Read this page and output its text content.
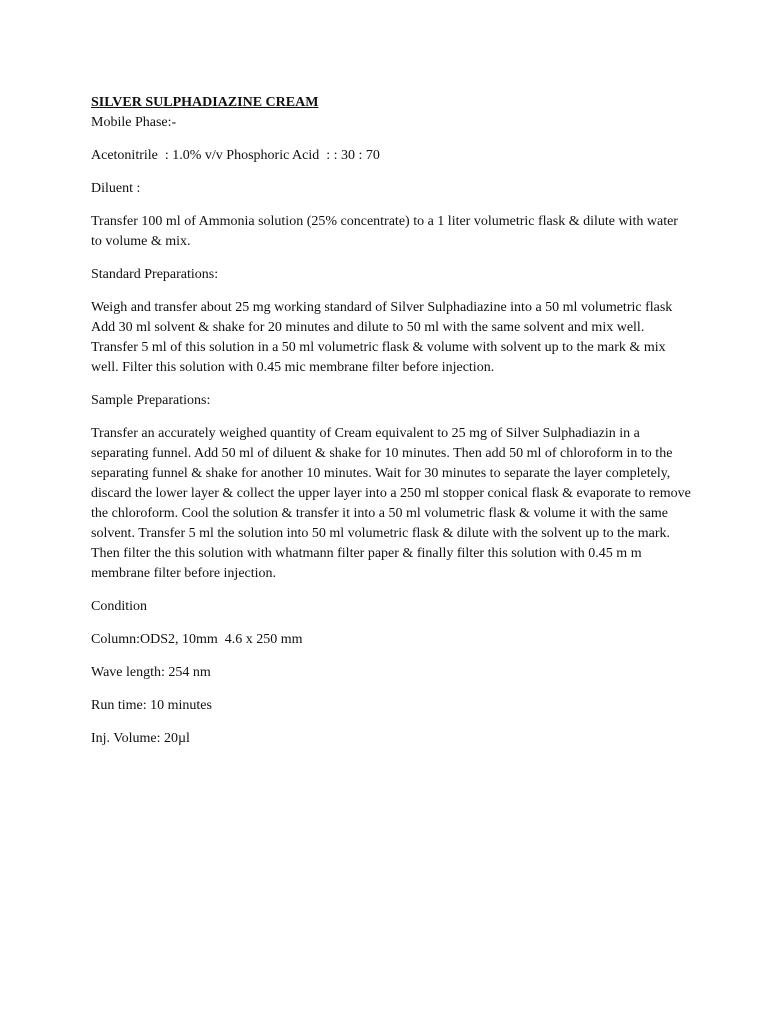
SILVER SULPHADIAZINE CREAM

Mobile Phase:-

Acetonitrile  : 1.0% v/v Phosphoric Acid  : : 30 : 70

Diluent :

Transfer 100 ml of Ammonia solution (25% concentrate) to a 1 liter volumetric flask & dilute with water to volume & mix.

Standard Preparations:

Weigh and transfer about 25 mg working standard of Silver Sulphadiazine into a 50 ml volumetric flask Add 30 ml solvent & shake for 20 minutes and dilute to 50 ml with the same solvent and mix well. Transfer 5 ml of this solution in a 50 ml volumetric flask & volume with solvent up to the mark & mix well. Filter this solution with 0.45 mic membrane filter before injection.

Sample Preparations:

Transfer an accurately weighed quantity of Cream equivalent to 25 mg of Silver Sulphadiazin in a separating funnel. Add 50 ml of diluent & shake for 10 minutes. Then add 50 ml of chloroform in to the separating funnel & shake for another 10 minutes. Wait for 30 minutes to separate the layer completely, discard the lower layer & collect the upper layer into a 250 ml stopper conical flask & evaporate to remove the chloroform. Cool the solution & transfer it into a 50 ml volumetric flask & volume it with the same solvent. Transfer 5 ml the solution into 50 ml volumetric flask & dilute with the solvent up to the mark. Then filter the this solution with whatmann filter paper & finally filter this solution with 0.45 m m membrane filter before injection.

Condition

Column:ODS2, 10mm  4.6 x 250 mm

Wave length: 254 nm

Run time: 10 minutes

Inj. Volume: 20µl
